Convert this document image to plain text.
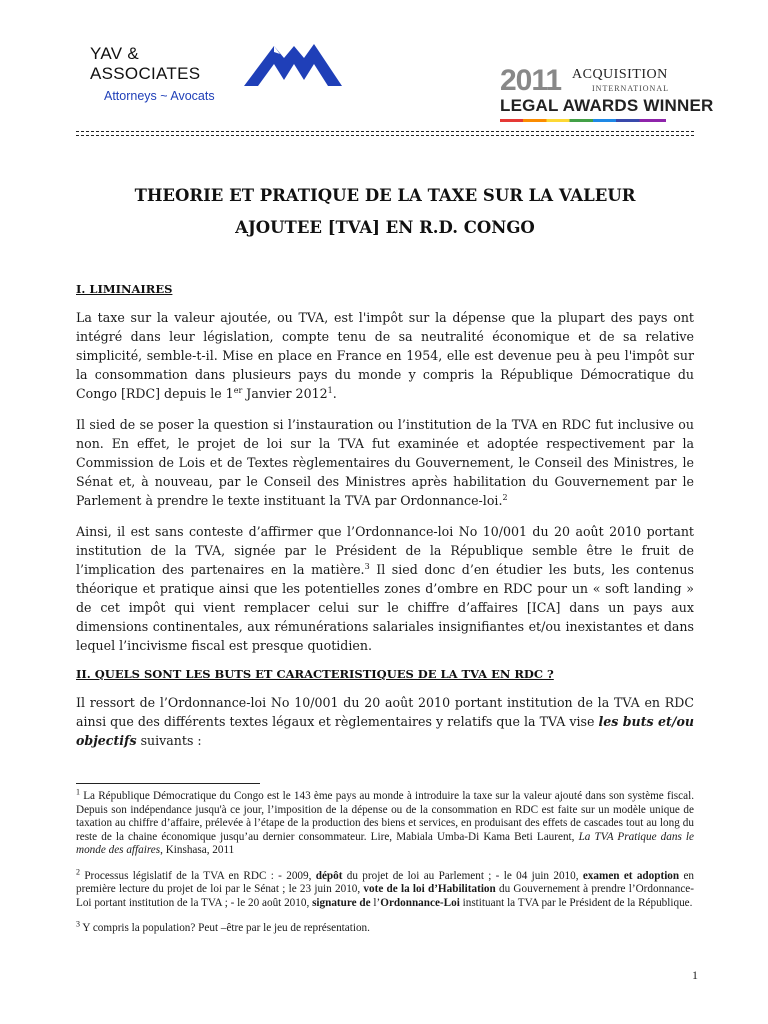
YAV & ASSOCIATES
Attorneys ~ Avocats	2011 ACQUISITION
INTERNATIONAL
LEGAL AWARDS WINNER
THEORIE ET PRATIQUE DE LA TAXE SUR LA VALEUR
AJOUTEE [TVA] EN R.D. CONGO
I. LIMINAIRES

La taxe sur la valeur ajoutée, ou TVA, est l'impôt sur la dépense que la plupart des pays ont intégré dans leur législation, compte tenu de sa neutralité économique et de sa relative simplicité, semble-t-il. Mise en place en France en 1954, elle est devenue peu à peu l'impôt sur la consommation dans plusieurs pays du monde y compris la République Démocratique du Congo [RDC] depuis le 1er Janvier 2012$^1$.

Il sied de se poser la question si l’instauration ou l’institution de la TVA en RDC fut inclusive ou non. En effet, le projet de loi sur la TVA fut examinée et adoptée respectivement par la Commission de Lois et de Textes règlementaires du Gouvernement, le Conseil des Ministres, le Sénat et, à nouveau, par le Conseil des Ministres après habilitation du Gouvernement par le Parlement à prendre le texte instituant la TVA par Ordonnance-loi.$^2$

Ainsi, il est sans conteste d’affirmer que l’Ordonnance-loi No 10/001 du 20 août 2010 portant institution de la TVA, signée par le Président de la République semble être le fruit de l’implication des partenaires en la matière.$^3$ Il sied donc d’en étudier les buts, les contenus théorique et pratique ainsi que les potentielles zones d’ombre en RDC pour un « soft landing » de cet impôt qui vient remplacer celui sur le chiffre d’affaires [ICA] dans un pays aux dimensions continentales, aux rémunérations salariales insignifiantes et/ou inexistantes et dans lequel l’incivisme fiscal est presque quotidien.

II. QUELS SONT LES BUTS ET CARACTERISTIQUES DE LA TVA EN RDC ?

Il ressort de l’Ordonnance-loi No 10/001 du 20 août 2010 portant institution de la TVA en RDC ainsi que des différents textes légaux et règlementaires y relatifs que la TVA vise les buts et/ou objectifs suivants :

$^1$ La République Démocratique du Congo est le 143 ème pays au monde à introduire la taxe sur la valeur ajouté dans son système fiscal. Depuis son indépendance jusqu'à ce jour, l’imposition de la dépense ou de la consommation en RDC est faite sur un modèle unique de taxation au chiffre d’affaire, prélevée à l’étape de la production des biens et services, en produisant des effets de cascades tout au long du reste de la chaine économique jusqu’au dernier consommateur. Lire, Mabiala Umba-Di Kama Beti Laurent, La TVA Pratique dans le monde des affaires, Kinshasa, 2011

$^2$ Processus législatif de la TVA en RDC : - 2009, dépôt du projet de loi au Parlement ; - le 04 juin 2010, examen et adoption en première lecture du projet de loi par le Sénat ; le 23 juin 2010, vote de la loi d’Habilitation du Gouvernement à prendre l’Ordonnance- Loi portant institution de la TVA ; - le 20 août 2010, signature de l’Ordonnance-Loi instituant la TVA par le Président de la République.

$^3$ Y compris la population? Peut –être par le jeu de représentation.

1
